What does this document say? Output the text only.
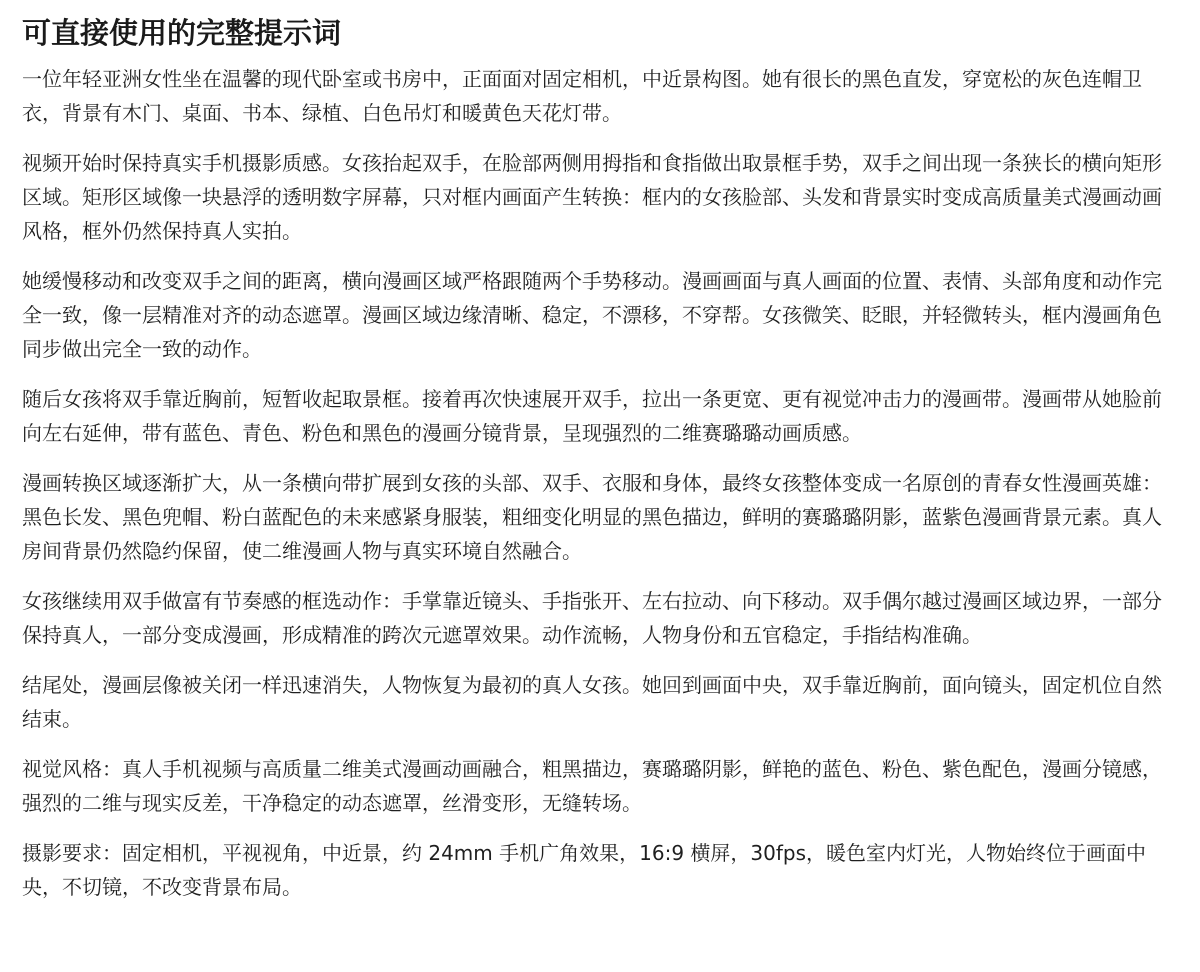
可直接使用的完整提示词

一位年轻亚洲女性坐在温馨的现代卧室或书房中，正面面对固定相机，中近景构图。她有很长的黑色直发，穿宽松的灰色连帽卫衣，背景有木门、桌面、书本、绿植、白色吊灯和暖黄色天花灯带。

视频开始时保持真实手机摄影质感。女孩抬起双手，在脸部两侧用拇指和食指做出取景框手势，双手之间出现一条狭长的横向矩形区域。矩形区域像一块悬浮的透明数字屏幕，只对框内画面产生转换：框内的女孩脸部、头发和背景实时变成高质量美式漫画动画风格，框外仍然保持真人实拍。

她缓慢移动和改变双手之间的距离，横向漫画区域严格跟随两个手势移动。漫画画面与真人画面的位置、表情、头部角度和动作完全一致，像一层精准对齐的动态遮罩。漫画区域边缘清晰、稳定，不漂移，不穿帮。女孩微笑、眨眼，并轻微转头，框内漫画角色同步做出完全一致的动作。

随后女孩将双手靠近胸前，短暂收起取景框。接着再次快速展开双手，拉出一条更宽、更有视觉冲击力的漫画带。漫画带从她脸前向左右延伸，带有蓝色、青色、粉色和黑色的漫画分镜背景，呈现强烈的二维赛璐璐动画质感。

漫画转换区域逐渐扩大，从一条横向带扩展到女孩的头部、双手、衣服和身体，最终女孩整体变成一名原创的青春女性漫画英雄：黑色长发、黑色兜帽、粉白蓝配色的未来感紧身服装，粗细变化明显的黑色描边，鲜明的赛璐璐阴影，蓝紫色漫画背景元素。真人房间背景仍然隐约保留，使二维漫画人物与真实环境自然融合。

女孩继续用双手做富有节奏感的框选动作：手掌靠近镜头、手指张开、左右拉动、向下移动。双手偶尔越过漫画区域边界，一部分保持真人，一部分变成漫画，形成精准的跨次元遮罩效果。动作流畅，人物身份和五官稳定，手指结构准确。

结尾处，漫画层像被关闭一样迅速消失，人物恢复为最初的真人女孩。她回到画面中央，双手靠近胸前，面向镜头，固定机位自然结束。

视觉风格：真人手机视频与高质量二维美式漫画动画融合，粗黑描边，赛璐璐阴影，鲜艳的蓝色、粉色、紫色配色，漫画分镜感，强烈的二维与现实反差，干净稳定的动态遮罩，丝滑变形，无缝转场。

摄影要求：固定相机，平视视角，中近景，约 24mm 手机广角效果，16:9 横屏，30fps，暖色室内灯光，人物始终位于画面中央，不切镜，不改变背景布局。
